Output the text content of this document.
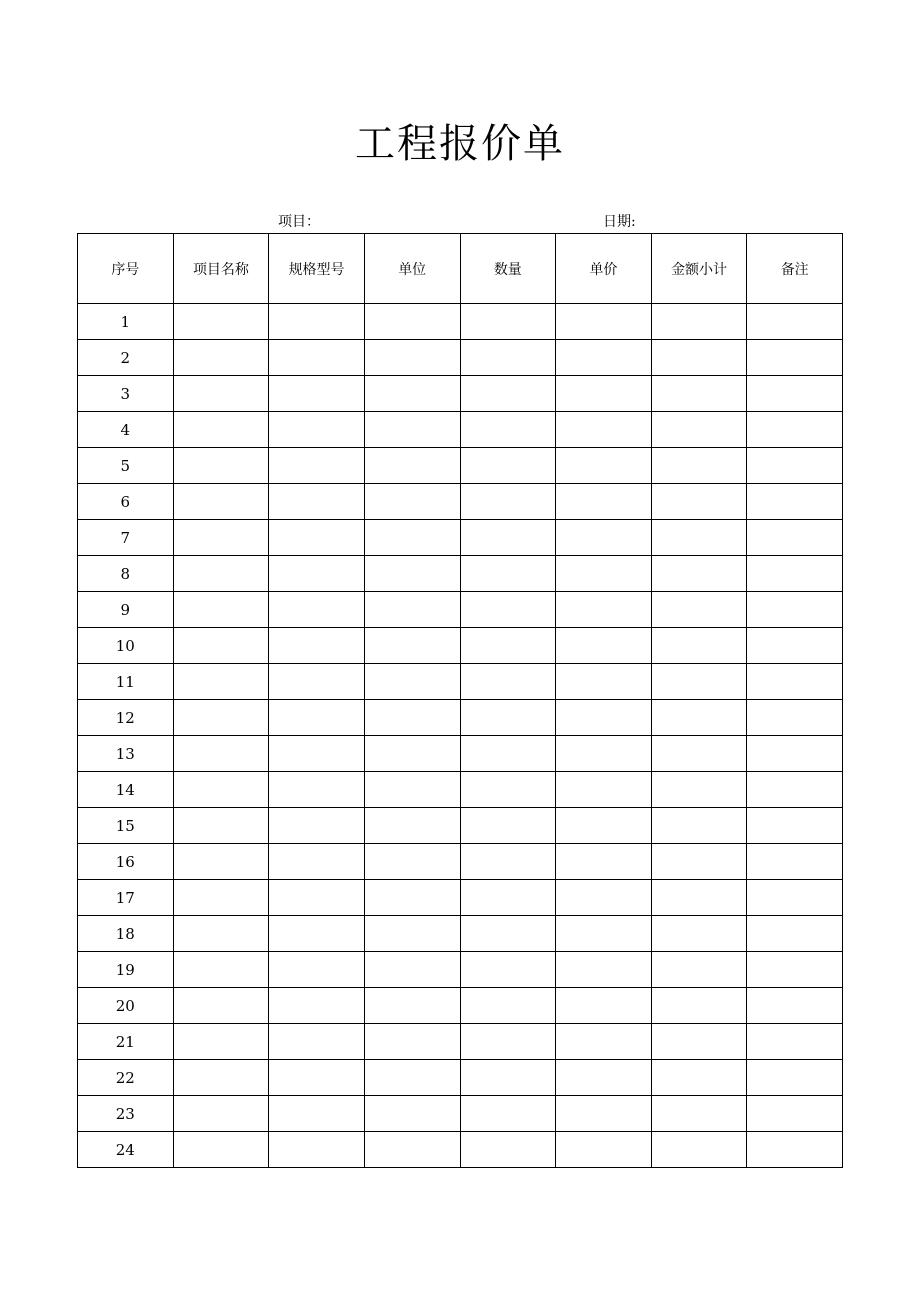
工程报价单
项目：	日期:
序号	项目名称	规格型号	单位	数量	单价	金额小计	备注
1							
2							
3							
4							
5							
6							
7							
8							
9							
10							
11							
12							
13							
14							
15							
16							
17							
18							
19							
20							
21							
22							
23							
24							
